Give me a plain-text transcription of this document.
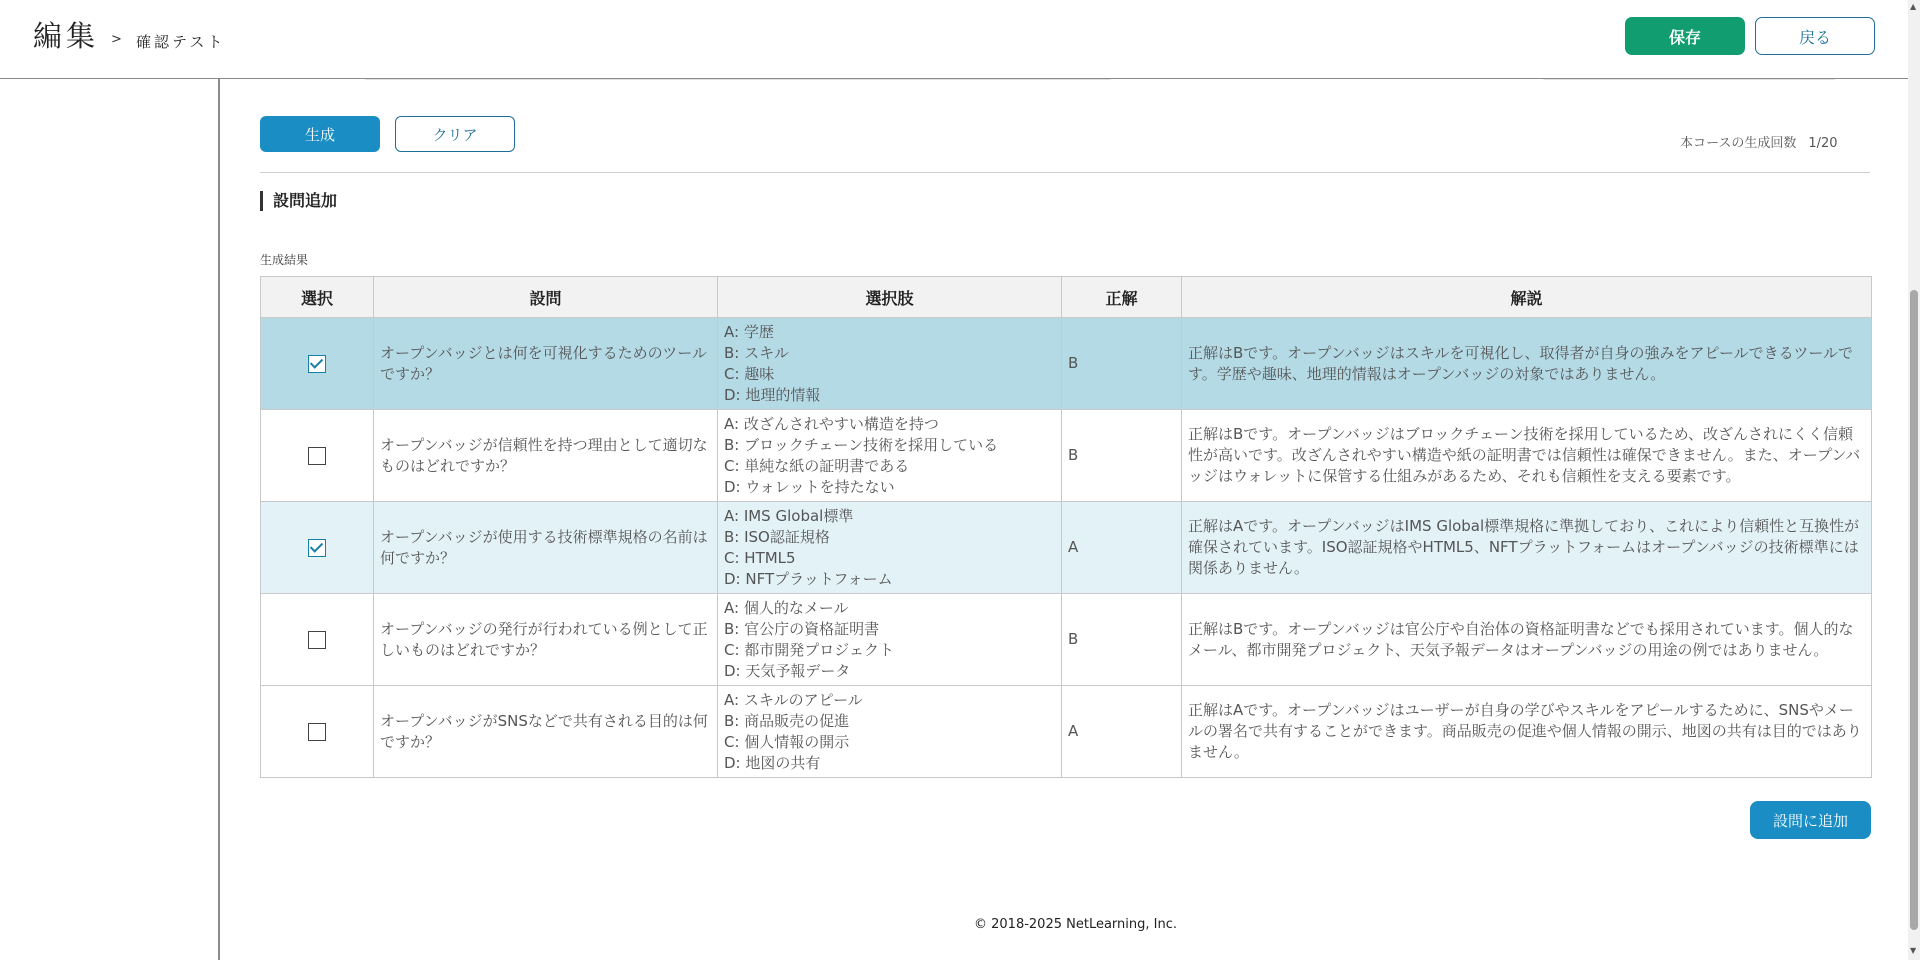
編集 > 確認テスト	保存	戻る
生成	クリア	本コースの生成回数 1/20
設問追加
生成結果
選択	設問	選択肢	正解	解説
	オープンバッジとは何を可視化するためのツールですか？	A: 学歴
B: スキル
C: 趣味
D: 地理的情報	B	正解はBです。オープンバッジはスキルを可視化し、取得者が自身の強みをアピールできるツールです。学歴や趣味、地理的情報はオープンバッジの対象ではありません。
	オープンバッジが信頼性を持つ理由として適切なものはどれですか？	A: 改ざんされやすい構造を持つ
B: ブロックチェーン技術を採用している
C: 単純な紙の証明書である
D: ウォレットを持たない	B	正解はBです。オープンバッジはブロックチェーン技術を採用しているため、改ざんされにくく信頼性が高いです。改ざんされやすい構造や紙の証明書では信頼性は確保できません。また、オープンバッジはウォレットに保管する仕組みがあるため、それも信頼性を支える要素です。
	オープンバッジが使用する技術標準規格の名前は何ですか？	A: IMS Global標準
B: ISO認証規格
C: HTML5
D: NFTプラットフォーム	A	正解はAです。オープンバッジはIMS Global標準規格に準拠しており、これにより信頼性と互換性が確保されています。ISO認証規格やHTML5、NFTプラットフォームはオープンバッジの技術標準には関係ありません。
	オープンバッジの発行が行われている例として正しいものはどれですか？	A: 個人的なメール
B: 官公庁の資格証明書
C: 都市開発プロジェクト
D: 天気予報データ	B	正解はBです。オープンバッジは官公庁や自治体の資格証明書などでも採用されています。個人的なメール、都市開発プロジェクト、天気予報データはオープンバッジの用途の例ではありません。
	オープンバッジがSNSなどで共有される目的は何ですか？	A: スキルのアピール
B: 商品販売の促進
C: 個人情報の開示
D: 地図の共有	A	正解はAです。オープンバッジはユーザーが自身の学びやスキルをアピールするために、SNSやメールの署名で共有することができます。商品販売の促進や個人情報の開示、地図の共有は目的ではありません。
設問に追加
© 2018-2025 NetLearning, Inc.
▲
▼
